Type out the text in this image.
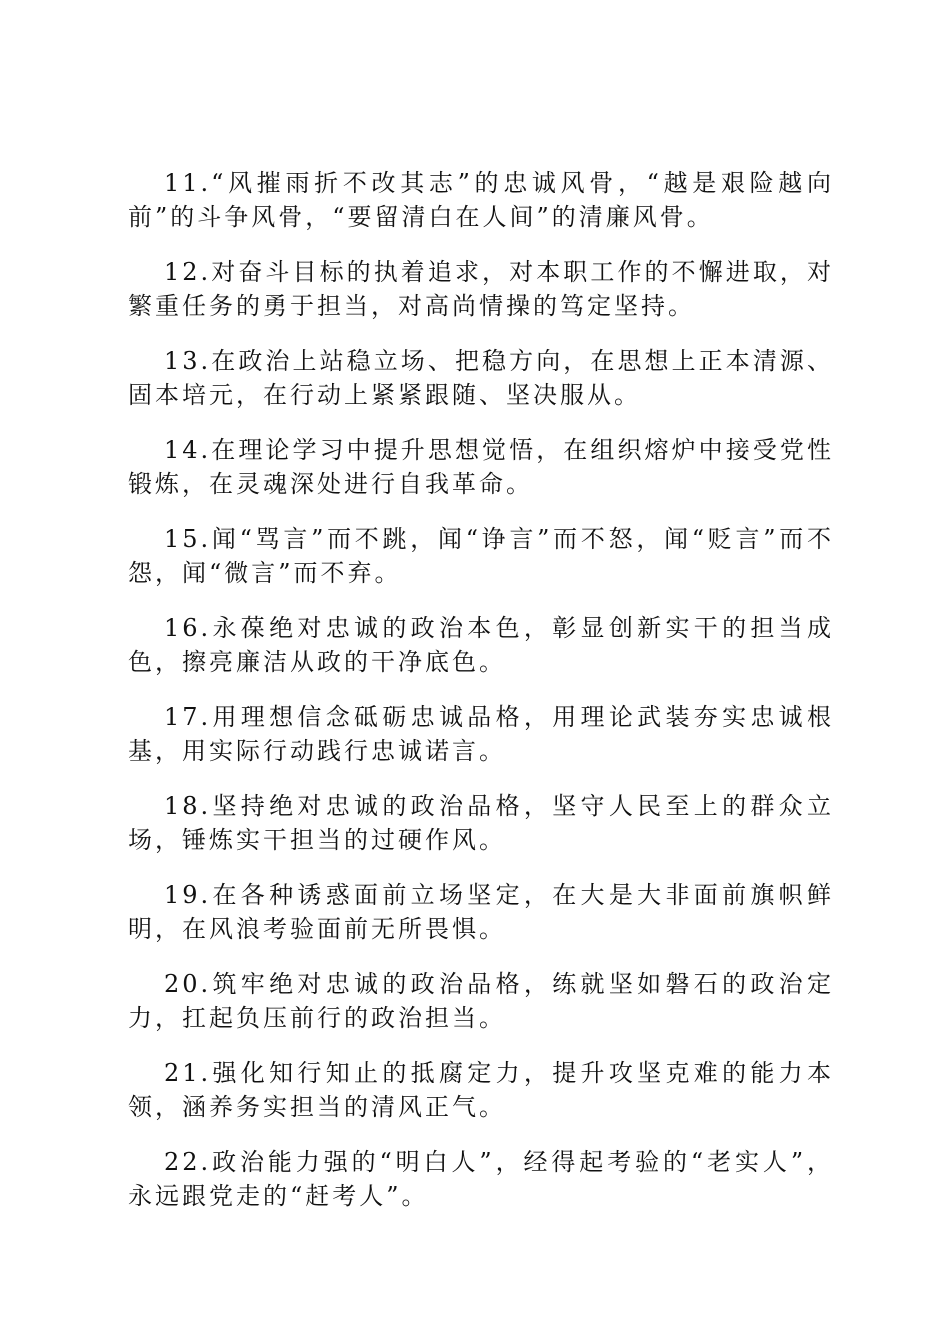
11.“风摧雨折不改其志”的忠诚风骨，“越是艰险越向前”的斗争风骨，“要留清白在人间”的清廉风骨。

12.对奋斗目标的执着追求，对本职工作的不懈进取，对繁重任务的勇于担当，对高尚情操的笃定坚持。

13.在政治上站稳立场、把稳方向，在思想上正本清源、固本培元，在行动上紧紧跟随、坚决服从。

14.在理论学习中提升思想觉悟，在组织熔炉中接受党性锻炼，在灵魂深处进行自我革命。

15.闻“骂言”而不跳，闻“诤言”而不怒，闻“贬言”而不怨，闻“微言”而不弃。

16.永葆绝对忠诚的政治本色，彰显创新实干的担当成色，擦亮廉洁从政的干净底色。

17.用理想信念砥砺忠诚品格，用理论武装夯实忠诚根基，用实际行动践行忠诚诺言。

18.坚持绝对忠诚的政治品格，坚守人民至上的群众立场，锤炼实干担当的过硬作风。

19.在各种诱惑面前立场坚定，在大是大非面前旗帜鲜明，在风浪考验面前无所畏惧。

20.筑牢绝对忠诚的政治品格，练就坚如磐石的政治定力，扛起负压前行的政治担当。

21.强化知行知止的抵腐定力，提升攻坚克难的能力本领，涵养务实担当的清风正气。

22.政治能力强的“明白人”，经得起考验的“老实人”，永远跟党走的“赶考人”。
